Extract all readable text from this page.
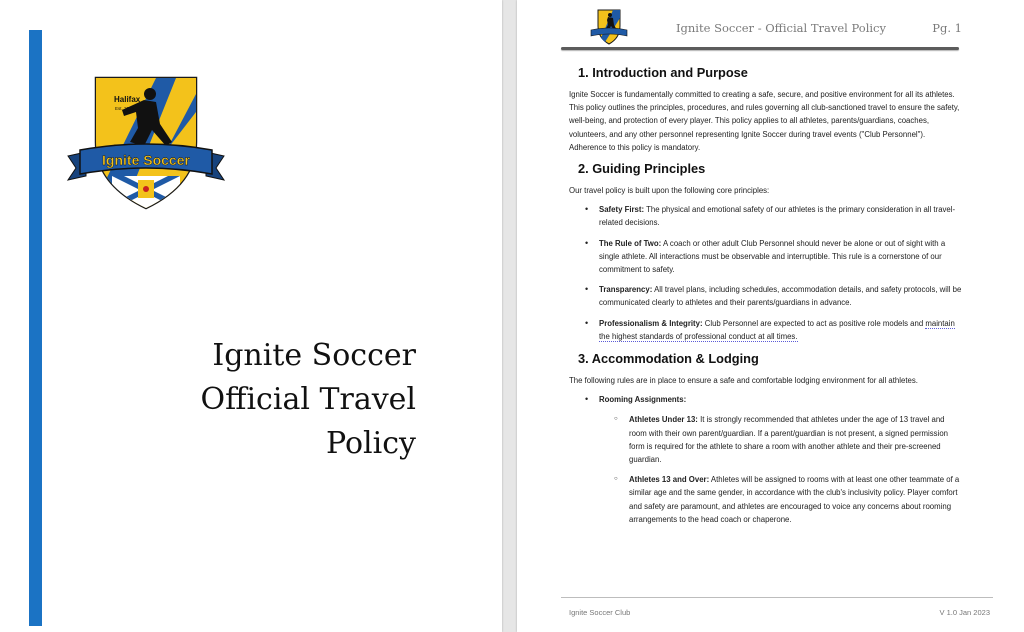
Halifax
Est. 2021
Ignite Soccer
Ignite Soccer
Official Travel
Policy
Ignite Soccer - Official Travel Policy	Pg. 1
1. Introduction and Purpose

Ignite Soccer is fundamentally committed to creating a safe, secure, and positive environment for all its athletes. This policy outlines the principles, procedures, and rules governing all club-sanctioned travel to ensure the safety, well-being, and protection of every player. This policy applies to all athletes, parents/guardians, coaches, volunteers, and any other personnel representing Ignite Soccer during travel events ("Club Personnel"). Adherence to this policy is mandatory.

2. Guiding Principles

Our travel policy is built upon the following core principles:

• Safety First: The physical and emotional safety of our athletes is the primary consideration in all travel-related decisions.
• The Rule of Two: A coach or other adult Club Personnel should never be alone or out of sight with a single athlete. All interactions must be observable and interruptible. This rule is a cornerstone of our commitment to safety.
• Transparency: All travel plans, including schedules, accommodation details, and safety protocols, will be communicated clearly to athletes and their parents/guardians in advance.
• Professionalism & Integrity: Club Personnel are expected to act as positive role models and maintain the highest standards of professional conduct at all times.
3. Accommodation & Lodging

The following rules are in place to ensure a safe and comfortable lodging environment for all athletes.

• Rooming Assignments:
○ Athletes Under 13: It is strongly recommended that athletes under the age of 13 travel and room with their own parent/guardian. If a parent/guardian is not present, a signed permission form is required for the athlete to share a room with another athlete and their pre-screened guardian.
○ Athletes 13 and Over: Athletes will be assigned to rooms with at least one other teammate of a similar age and the same gender, in accordance with the club's inclusivity policy. Player comfort and safety are paramount, and athletes are encouraged to voice any concerns about rooming arrangements to the head coach or chaperone.
Ignite Soccer Club	V 1.0 Jan 2023
